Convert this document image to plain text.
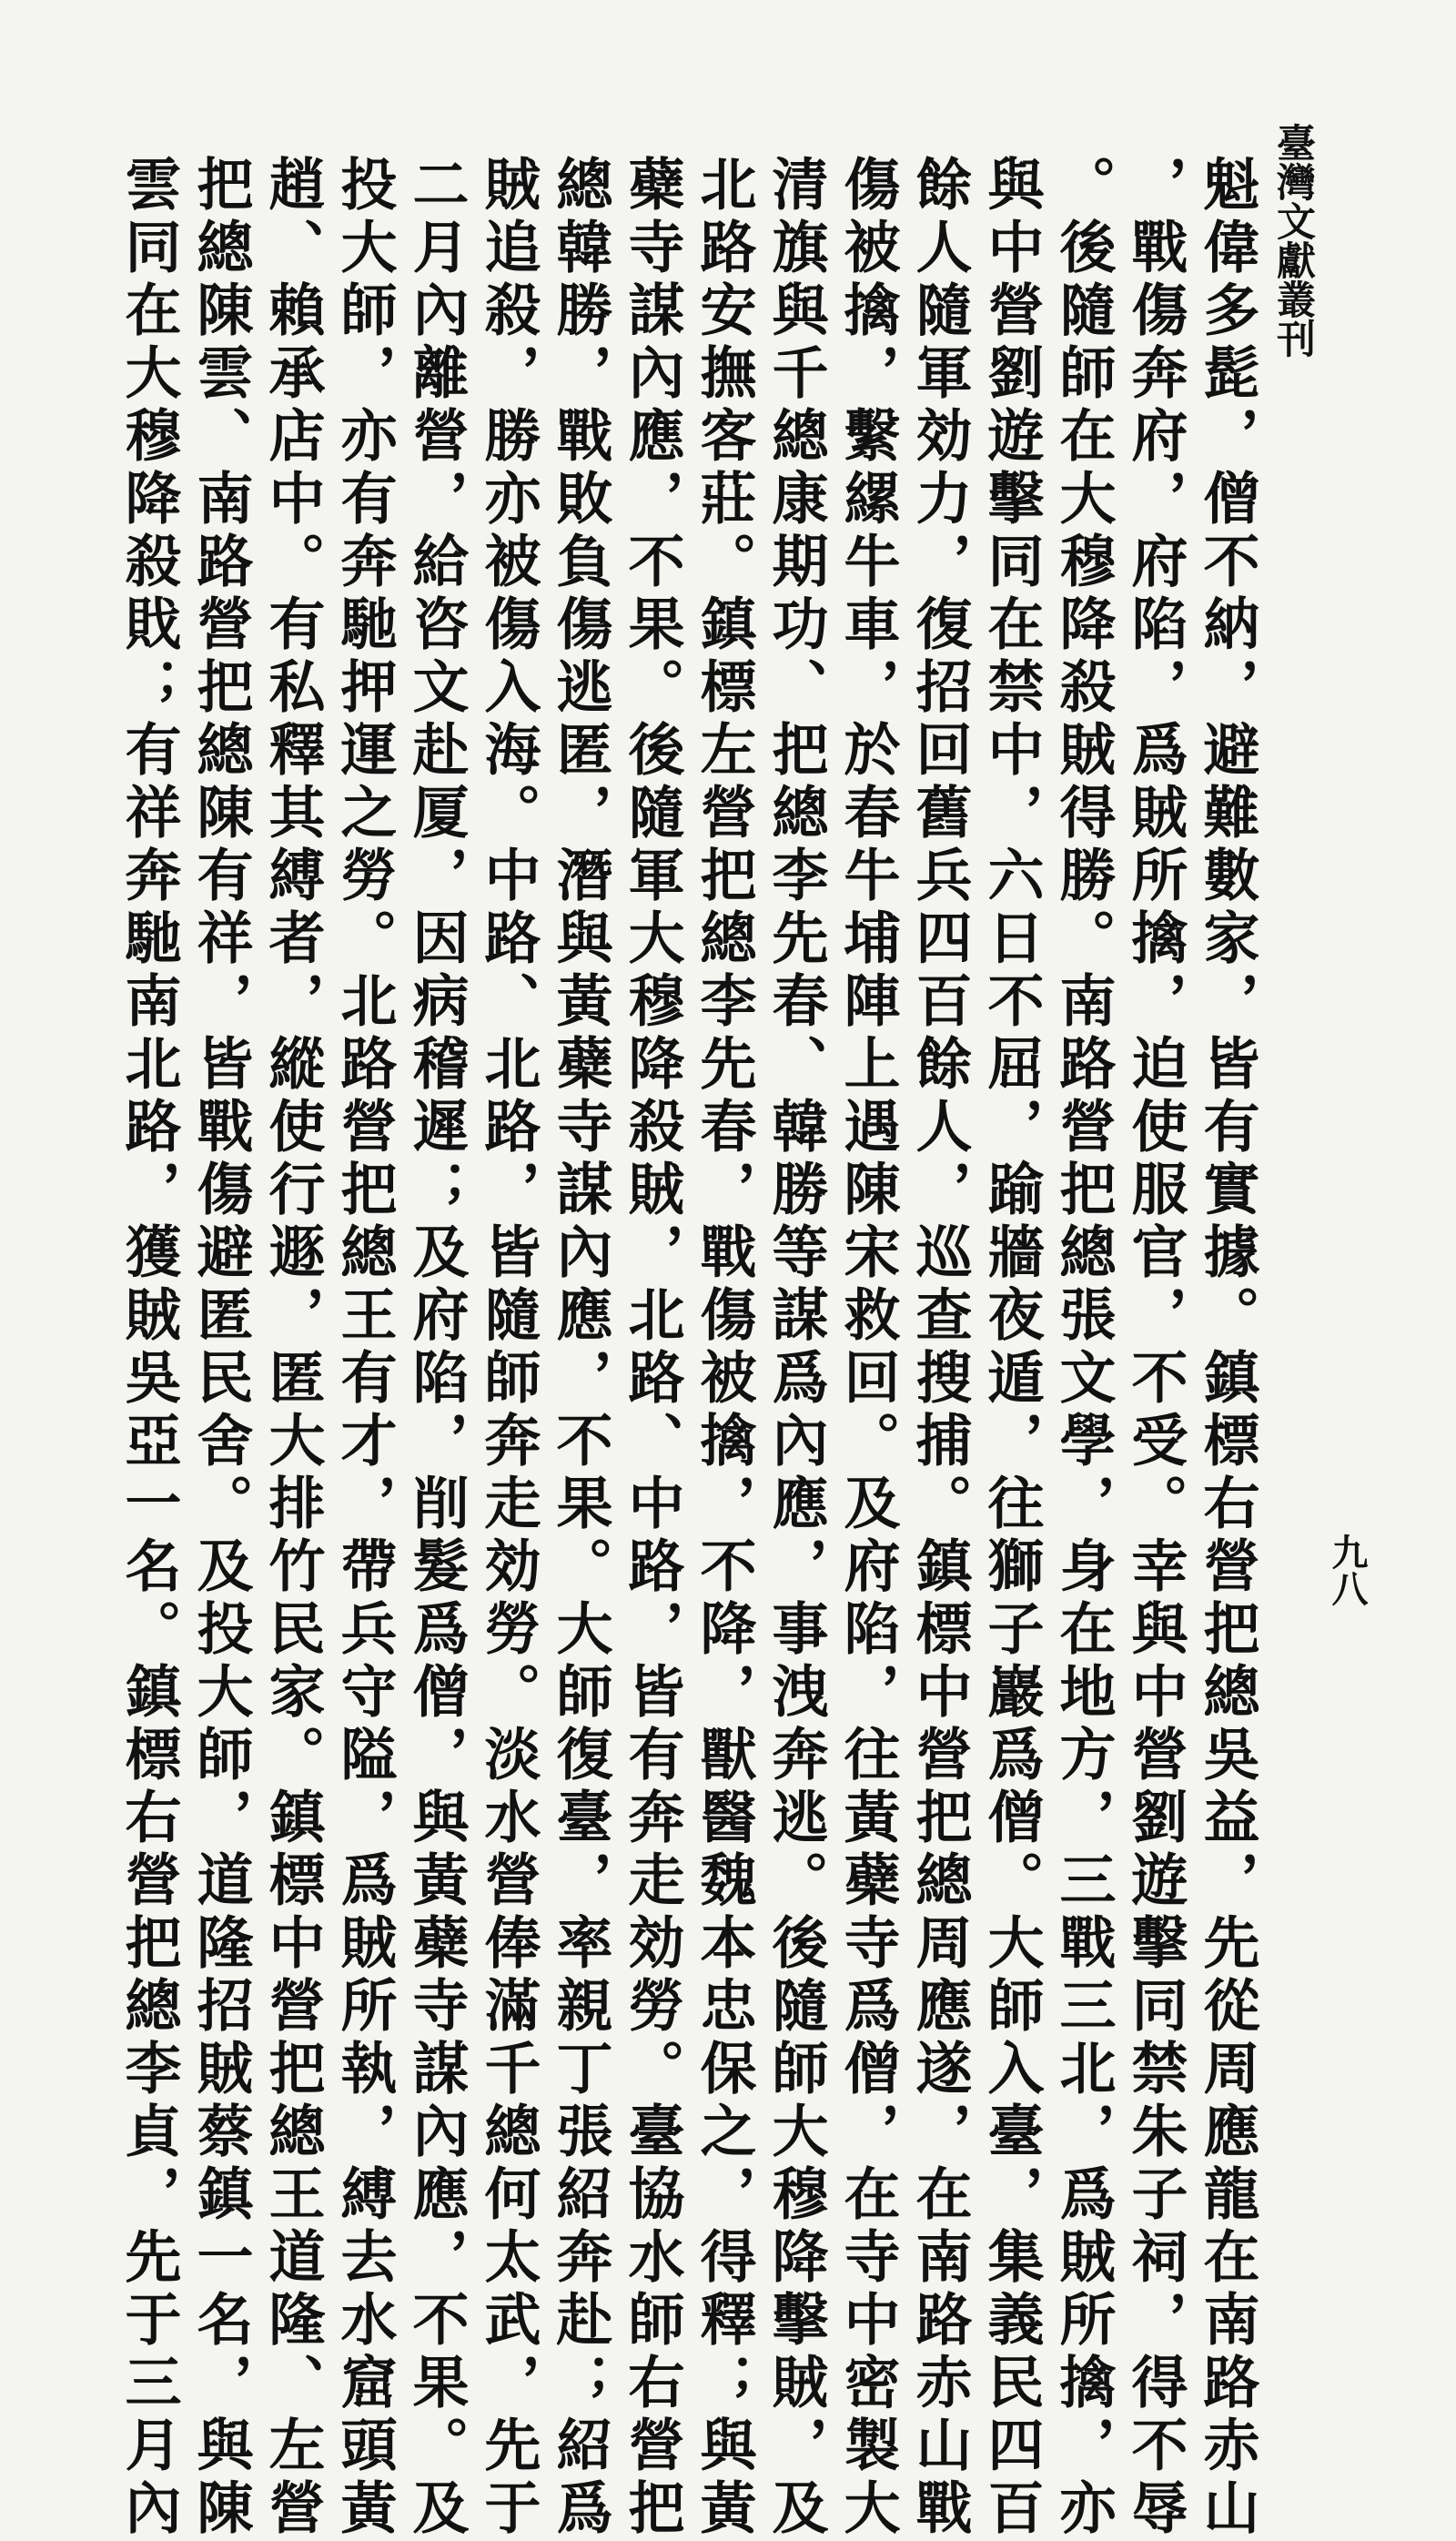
臺灣文獻叢刊
九八
魁偉多髭，僧不納，避難數家，皆有實據。鎮標右營把總吳益，先從周應龍在南路赤山
，戰傷奔府，府陷，爲賊所擒，迫使服官，不受。幸與中營劉遊擊同禁朱子祠，得不辱
。後隨師在大穆降殺賊得勝。南路營把總張文學，身在地方，三戰三北，爲賊所擒，亦
與中營劉遊擊同在禁中，六日不屈，踰牆夜遁，往獅子巖爲僧。大師入臺，集義民四百
餘人隨軍効力，復招回舊兵四百餘人，巡查搜捕。鎮標中營把總周應遂，在南路赤山戰
傷被擒，繫縲牛車，於春牛埔陣上遇陳宋救回。及府陷，往黃蘗寺爲僧，在寺中密製大
清旗與千總康期功、把總李先春、韓勝等謀爲內應，事洩奔逃。後隨師大穆降擊賊，及
北路安撫客莊。鎮標左營把總李先春，戰傷被擒，不降，獸醫魏本忠保之，得釋；與黃
蘗寺謀內應，不果。後隨軍大穆降殺賊，北路、中路，皆有奔走効勞。臺協水師右營把
總韓勝，戰敗負傷逃匿，潛與黃蘗寺謀內應，不果。大師復臺，率親丁張紹奔赴；紹爲
賊追殺，勝亦被傷入海。中路、北路，皆隨師奔走効勞。淡水營俸滿千總何太武，先于
二月內離營，給咨文赴厦，因病稽遲；及府陷，削髮爲僧，與黃蘗寺謀內應，不果。及
投大師，亦有奔馳押運之勞。北路營把總王有才，帶兵守隘，爲賊所執，縛去水窟頭黃
趙、賴承店中。有私釋其縛者，縱使行遯，匿大排竹民家。鎮標中營把總王道隆、左營
把總陳雲、南路營把總陳有祥，皆戰傷避匿民舍。及投大師，道隆招賊蔡鎮一名，與陳
雲同在大穆降殺戝；有祥奔馳南北路，獲賊吳亞一名。鎮標右營把總李貞，先于三月內
